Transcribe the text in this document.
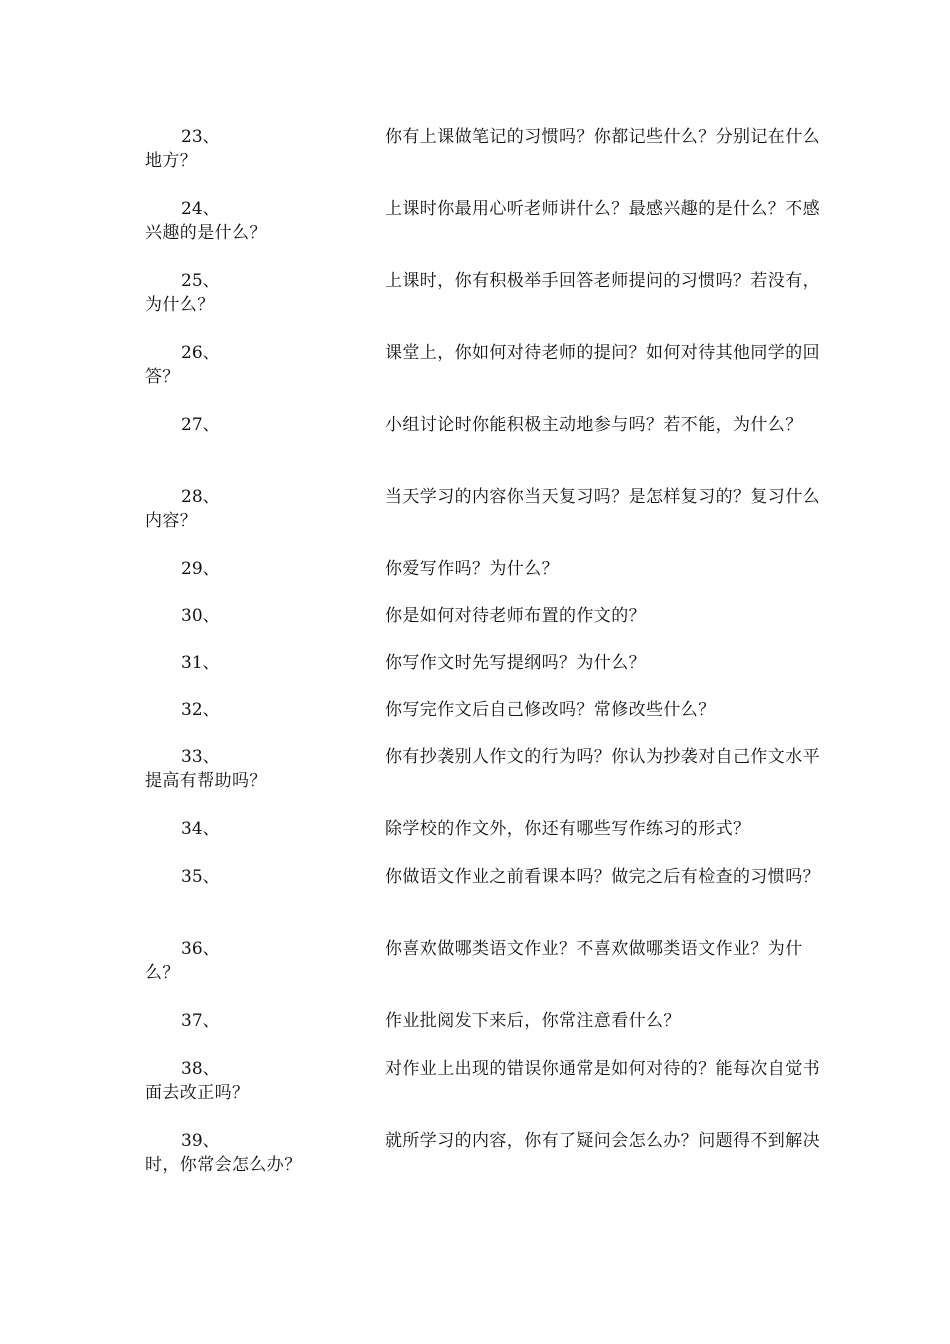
23、	你有上课做笔记的习惯吗？你都记些什么？分别记在什么地方？
24、	上课时你最用心听老师讲什么？最感兴趣的是什么？不感兴趣的是什么？
25、	上课时，你有积极举手回答老师提问的习惯吗？若没有，为什么？
26、	课堂上，你如何对待老师的提问？如何对待其他同学的回答？
27、	小组讨论时你能积极主动地参与吗？若不能，为什么？
28、	当天学习的内容你当天复习吗？是怎样复习的？复习什么内容？
29、	你爱写作吗？为什么？
30、	你是如何对待老师布置的作文的？
31、	你写作文时先写提纲吗？为什么？
32、	你写完作文后自己修改吗？常修改些什么？
33、	你有抄袭别人作文的行为吗？你认为抄袭对自己作文水平提高有帮助吗？
34、	除学校的作文外，你还有哪些写作练习的形式？
35、	你做语文作业之前看课本吗？做完之后有检查的习惯吗？
36、	你喜欢做哪类语文作业？不喜欢做哪类语文作业？为什么？
37、	作业批阅发下来后，你常注意看什么？
38、	对作业上出现的错误你通常是如何对待的？能每次自觉书面去改正吗？
39、	就所学习的内容，你有了疑问会怎么办？问题得不到解决时，你常会怎么办？
